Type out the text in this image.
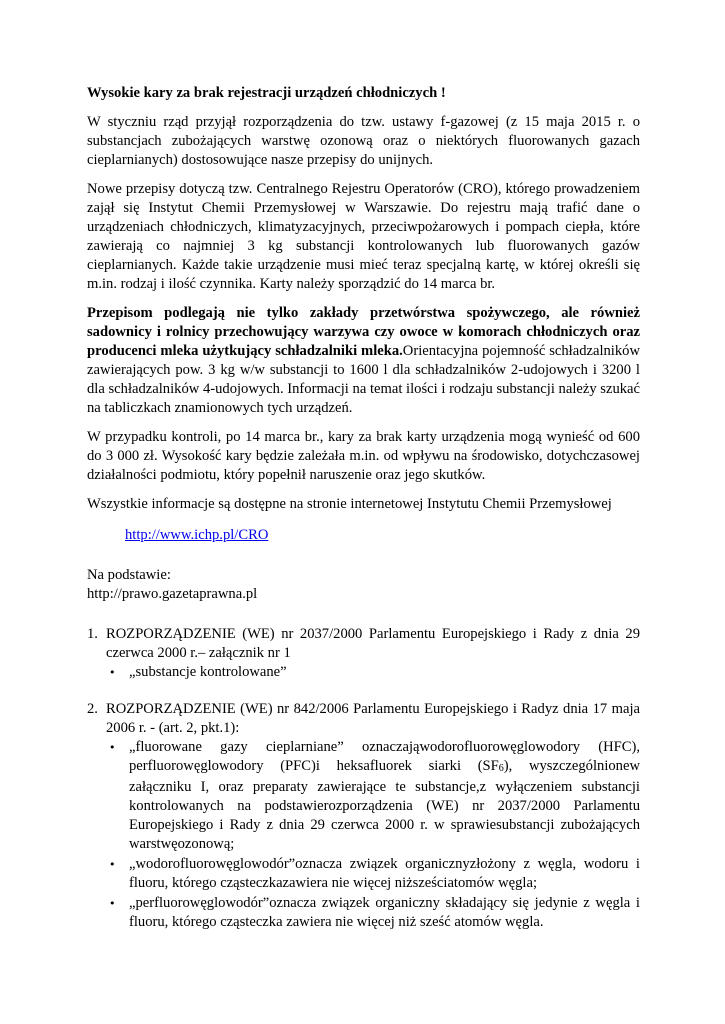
Wysokie kary za brak rejestracji urządzeń chłodniczych !

W styczniu rząd przyjął rozporządzenia do tzw. ustawy f-gazowej (z 15 maja 2015 r. o substancjach zubożających warstwę ozonową oraz o niektórych fluorowanych gazach cieplarnianych) dostosowujące nasze przepisy do unijnych.

Nowe przepisy dotyczą tzw. Centralnego Rejestru Operatorów (CRO), którego prowadzeniem zajął się Instytut Chemii Przemysłowej w Warszawie. Do rejestru mają trafić dane o urządzeniach chłodniczych, klimatyzacyjnych, przeciwpożarowych i pompach ciepła, które zawierają co najmniej 3 kg substancji kontrolowanych lub fluorowanych gazów cieplarnianych. Każde takie urządzenie musi mieć teraz specjalną kartę, w której określi się m.in. rodzaj i ilość czynnika. Karty należy sporządzić do 14 marca br.

Przepisom podlegają nie tylko zakłady przetwórstwa spożywczego, ale również sadownicy i rolnicy przechowujący warzywa czy owoce w komorach chłodniczych oraz producenci mleka użytkujący schładzalniki mleka.Orientacyjna pojemność schładzalników zawierających pow. 3 kg w/w substancji to 1600 l dla schładzalników 2-udojowych i 3200 l dla schładzalników 4-udojowych. Informacji na temat ilości i rodzaju substancji należy szukać na tabliczkach znamionowych tych urządzeń.

W przypadku kontroli, po 14 marca br., kary za brak karty urządzenia mogą wynieść od 600 do 3 000 zł. Wysokość kary będzie zależała m.in. od wpływu na środowisko, dotychczasowej działalności podmiotu, który popełnił naruszenie oraz jego skutków.

Wszystkie informacje są dostępne na stronie internetowej Instytutu Chemii Przemysłowej

http://www.ichp.pl/CRO

Na podstawie:
http://prawo.gazetaprawna.pl

1. ROZPORZĄDZENIE (WE) nr 2037/2000 Parlamentu Europejskiego i Rady z dnia 29 czerwca 2000 r.– załącznik nr 1
• „substancje kontrolowane”
2. ROZPORZĄDZENIE (WE) nr 842/2006 Parlamentu Europejskiego i Radyz dnia 17 maja 2006 r. - (art. 2, pkt.1):
• „fluorowane gazy cieplarniane” oznaczająwodorofluorowęglowodory (HFC), perfluorowęglowodory (PFC)i heksafluorek siarki $(SF_6)$, wyszczególnionew załączniku I, oraz preparaty zawierające te substancje,z wyłączeniem substancji kontrolowanych na podstawierozporządzenia (WE) nr 2037/2000 Parlamentu Europejskiego i Rady z dnia 29 czerwca 2000 r. w sprawiesubstancji zubożających warstwęozonową;
• „wodorofluorowęglowodór”oznacza związek organicznyzłożony z węgla, wodoru i fluoru, którego cząsteczkazawiera nie więcej niższeściatomów węgla;
• „perfluorowęglowodór”oznacza związek organiczny składający się jedynie z węgla i fluoru, którego cząsteczka zawiera nie więcej niż sześć atomów węgla.
